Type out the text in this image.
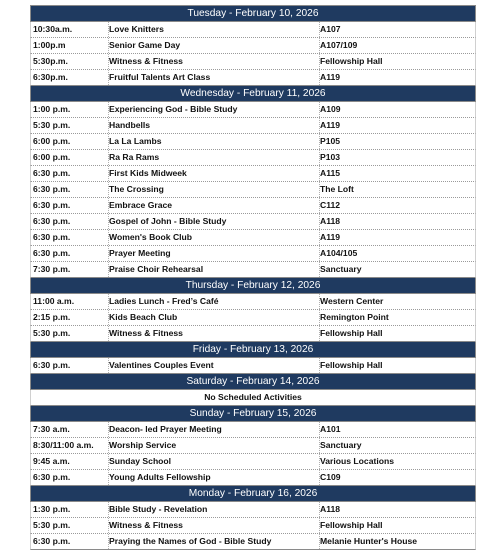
Tuesday - February 10, 2026
10:30a.m.	Love Knitters	A107
1:00p.m	Senior Game Day	A107/109
5:30p.m.	Witness & Fitness	Fellowship Hall
6:30p.m.	Fruitful Talents Art Class	A119
Wednesday - February 11, 2026
1:00 p.m.	Experiencing God - Bible Study	A109
5:30 p.m.	Handbells	A119
6:00 p.m.	La La Lambs	P105
6:00 p.m.	Ra Ra Rams	P103
6:30 p.m.	First Kids Midweek	A115
6:30 p.m.	The Crossing	The Loft
6:30 p.m.	Embrace Grace	C112
6:30 p.m.	Gospel of John - Bible Study	A118
6:30 p.m.	Women's Book Club	A119
6:30 p.m.	Prayer Meeting	A104/105
7:30 p.m.	Praise Choir Rehearsal	Sanctuary
Thursday - February 12, 2026
11:00 a.m.	Ladies Lunch - Fred’s Café	Western Center
2:15 p.m.	Kids Beach Club	Remington Point
5:30 p.m.	Witness & Fitness	Fellowship Hall
Friday - February 13, 2026
6:30 p.m.	Valentines Couples Event	Fellowship Hall
Saturday - February 14, 2026
No Scheduled Activities
Sunday - February 15, 2026
7:30 a.m.	Deacon- led Prayer Meeting	A101
8:30/11:00 a.m.	Worship Service	Sanctuary
9:45 a.m.	Sunday School	Various Locations
6:30 p.m.	Young Adults Fellowship	C109
Monday - February 16, 2026
1:30 p.m.	Bible Study - Revelation	A118
5:30 p.m.	Witness & Fitness	Fellowship Hall
6:30 p.m.	Praying the Names of God - Bible Study	Melanie Hunter's House
